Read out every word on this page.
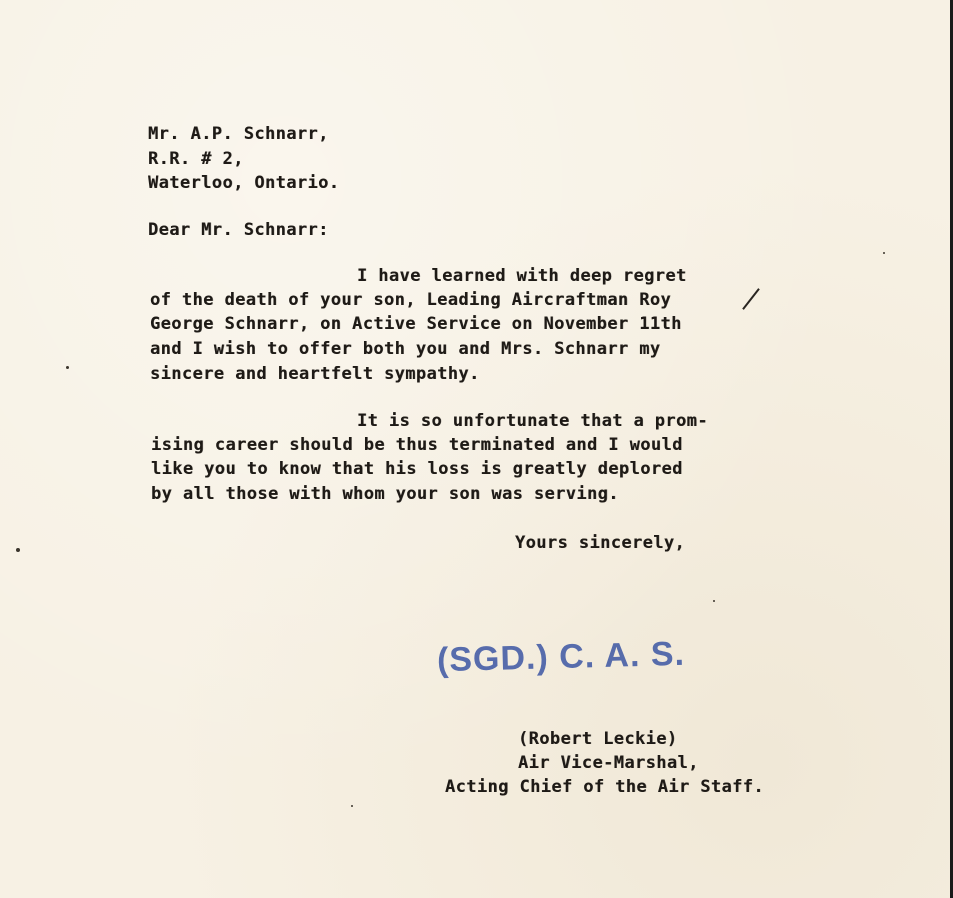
Mr. A.P. Schnarr,
R.R. # 2,
Waterloo, Ontario.
Dear Mr. Schnarr:
I have learned with deep regret
of the death of your son, Leading Aircraftman Roy
George Schnarr, on Active Service on November 11th
and I wish to offer both you and Mrs. Schnarr my
sincere and heartfelt sympathy.
It is so unfortunate that a prom-
ising career should be thus terminated and I would
like you to know that his loss is greatly deplored
by all those with whom your son was serving.
Yours sincerely,
(SGD.) C. A. S.
(Robert Leckie)
Air Vice-Marshal,
Acting Chief of the Air Staff.
